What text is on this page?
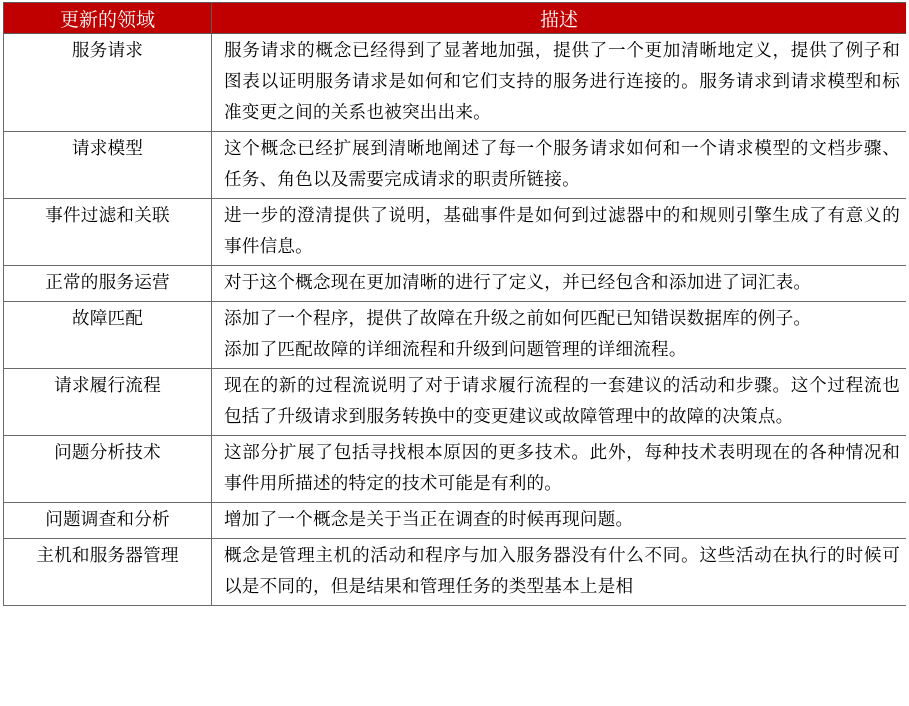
更新的领域	描述
服务请求	服务请求的概念已经得到了显著地加强，提供了一个更加清晰地定义，提供了例子和图表以证明服务请求是如何和它们支持的服务进行连接的。服务请求到请求模型和标准变更之间的关系也被突出出来。

请求模型	这个概念已经扩展到清晰地阐述了每一个服务请求如何和一个请求模型的文档步骤、任务、角色以及需要完成请求的职责所链接。

事件过滤和关联	进一步的澄清提供了说明，基础事件是如何到过滤器中的和规则引擎生成了有意义的事件信息。

正常的服务运营	对于这个概念现在更加清晰的进行了定义，并已经包含和添加进了词汇表。

故障匹配	添加了一个程序，提供了故障在升级之前如何匹配已知错误数据库的例子。
添加了匹配故障的详细流程和升级到问题管理的详细流程。

请求履行流程	现在的新的过程流说明了对于请求履行流程的一套建议的活动和步骤。这个过程流也包括了升级请求到服务转换中的变更建议或故障管理中的故障的决策点。

问题分析技术	这部分扩展了包括寻找根本原因的更多技术。此外，每种技术表明现在的各种情况和事件用所描述的特定的技术可能是有利的。

问题调查和分析	增加了一个概念是关于当正在调查的时候再现问题。

主机和服务器管理	概念是管理主机的活动和程序与加入服务器没有什么不同。这些活动在执行的时候可以是不同的，但是结果和管理任务的类型基本上是相
